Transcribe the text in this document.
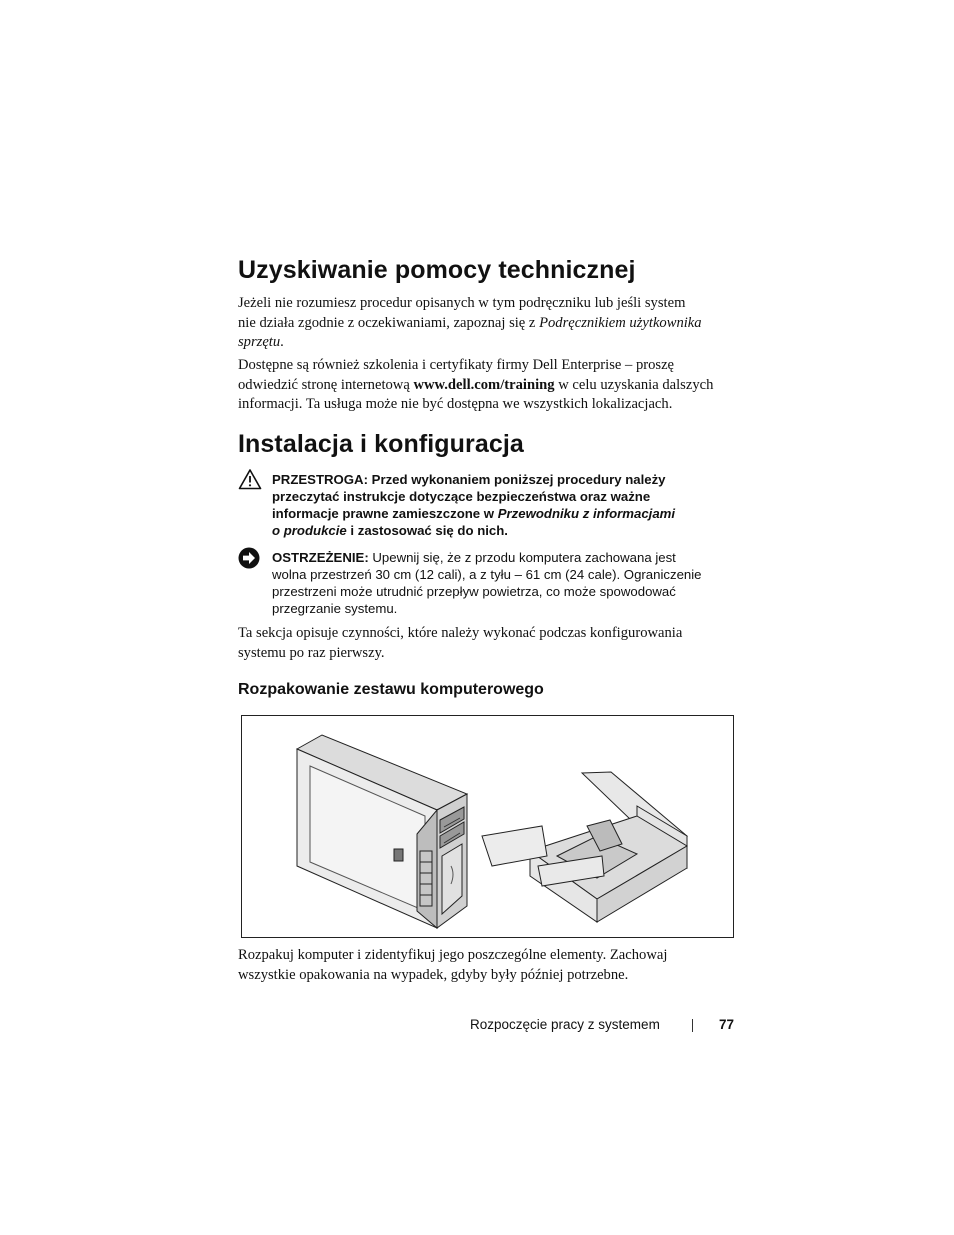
Uzyskiwanie pomocy technicznej

Jeżeli nie rozumiesz procedur opisanych w tym podręczniku lub jeśli system
nie działa zgodnie z oczekiwaniami, zapoznaj się z Podręcznikiem użytkownika
sprzętu.

Dostępne są również szkolenia i certyfikaty firmy Dell Enterprise – proszę
odwiedzić stronę internetową www.dell.com/training w celu uzyskania dalszych
informacji. Ta usługa może nie być dostępna we wszystkich lokalizacjach.

Instalacja i konfiguracja

PRZESTROGA: Przed wykonaniem poniższej procedury należy
przeczytać instrukcje dotyczące bezpieczeństwa oraz ważne
informacje prawne zamieszczone w Przewodniku z informacjami
o produkcie i zastosować się do nich.

OSTRZEŻENIE: Upewnij się, że z przodu komputera zachowana jest
wolna przestrzeń 30 cm (12 cali), a z tyłu – 61 cm (24 cale). Ograniczenie
przestrzeni może utrudnić przepływ powietrza, co może spowodować
przegrzanie systemu.

Ta sekcja opisuje czynności, które należy wykonać podczas konfigurowania
systemu po raz pierwszy.

Rozpakowanie zestawu komputerowego

Rozpakuj komputer i zidentyfikuj jego poszczególne elementy. Zachowaj
wszystkie opakowania na wypadek, gdyby były później potrzebne.

Rozpoczęcie pracy z systemem	77
